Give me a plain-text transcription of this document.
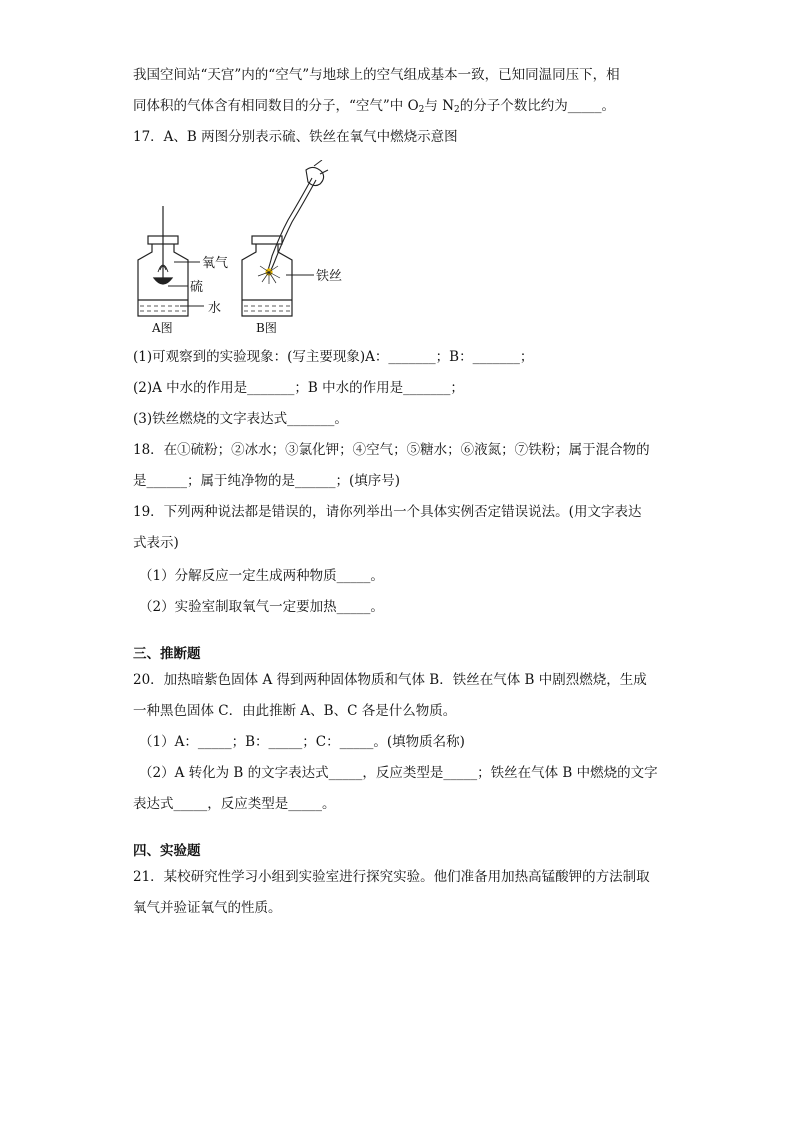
我国空间站“天宫”内的“空气”与地球上的空气组成基本一致，已知同温同压下，相
同体积的气体含有相同数目的分子，“空气”中 $O_2$与 $N_2$的分子个数比约为_____。
17．A、B 两图分别表示硫、铁丝在氧气中燃烧示意图
氧气
硫
水
铁丝
A图	B图
(1)可观察到的实验现象：(写主要现象)A：_______；B：_______；
(2)A 中水的作用是_______；B 中水的作用是_______；
(3)铁丝燃烧的文字表达式_______。
18．在①硫粉；②冰水；③氯化钾；④空气；⑤糖水；⑥液氮；⑦铁粉；属于混合物的
是______；属于纯净物的是______；(填序号)
19．下列两种说法都是错误的，请你列举出一个具体实例否定错误说法。(用文字表达
式表示)
（1）分解反应一定生成两种物质_____。
（2）实验室制取氧气一定要加热_____。
三、推断题
20．加热暗紫色固体 A 得到两种固体物质和气体 B．铁丝在气体 B 中剧烈燃烧，生成
一种黑色固体 C．由此推断 A、B、C 各是什么物质。
（1）A：_____；B：_____；C：_____。(填物质名称)
（2）A 转化为 B 的文字表达式_____，反应类型是_____；铁丝在气体 B 中燃烧的文字
表达式_____，反应类型是_____。
四、实验题
21．某校研究性学习小组到实验室进行探究实验。他们准备用加热高锰酸钾的方法制取
氧气并验证氧气的性质。
